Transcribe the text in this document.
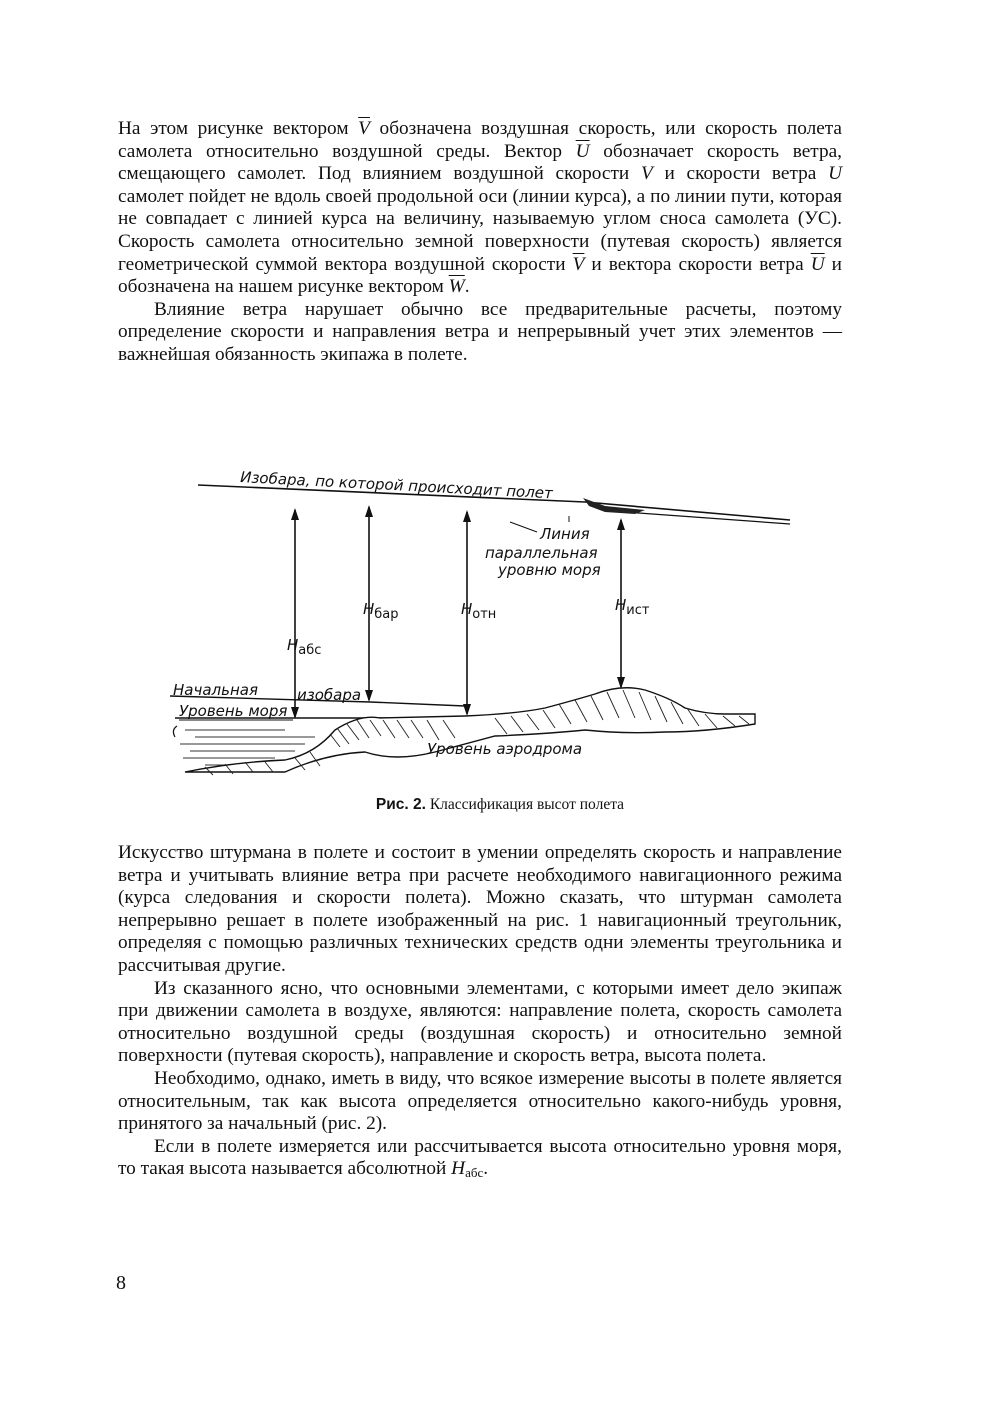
На этом рисунке вектором $\overline{V}$ обозначена воздушная скорость, или скорость полета самолета относительно воздушной среды. Вектор $\overline{U}$ обозначает скорость ветра, смещающего самолет. Под влиянием воздушной скорости V и скорости ветра U самолет пойдет не вдоль своей продольной оси (линии курса), а по линии пути, которая не совпадает с линией курса на величину, называемую углом сноса самолета (УС). Скорость самолета относительно земной поверхности (путевая скорость) является геометрической суммой вектора воздушной скорости $\overline{V}$ и вектора скорости ветра $\overline{U}$ и обозначена на нашем рисунке вектором $\overline{W}$.

Влияние ветра нарушает обычно все предварительные расчеты, поэтому определение скорости и направления ветра и непрерывный учет этих элементов — важнейшая обязанность экипажа в полете.

Изобара, по которой происходит полет
Линия
параллельная
уровню моря
Hабс
Hбар	Hотн
Hист
Начальная	изобара
Уровень моря
Уровень аэродрома
Рис. 2. Классификация высот полета

Искусство штурмана в полете и состоит в умении определять скорость и направление ветра и учитывать влияние ветра при расчете необходимого навигационного режима (курса следования и скорости полета). Можно сказать, что штурман самолета непрерывно решает в полете изображенный на рис. 1 навигационный треугольник, определяя с помощью различных технических средств одни элементы треугольника и рассчитывая другие.

Из сказанного ясно, что основными элементами, с которыми имеет дело экипаж при движении самолета в воздухе, являются: направление полета, скорость самолета относительно воздушной среды (воздушная скорость) и относительно земной поверхности (путевая скорость), направление и скорость ветра, высота полета.

Необходимо, однако, иметь в виду, что всякое измерение высоты в полете является относительным, так как высота определяется относительно какого-нибудь уровня, принятого за начальный (рис. 2).

Если в полете измеряется или рассчитывается высота относительно уровня моря, то такая высота называется абсолютной $H_{абс}$.

8
